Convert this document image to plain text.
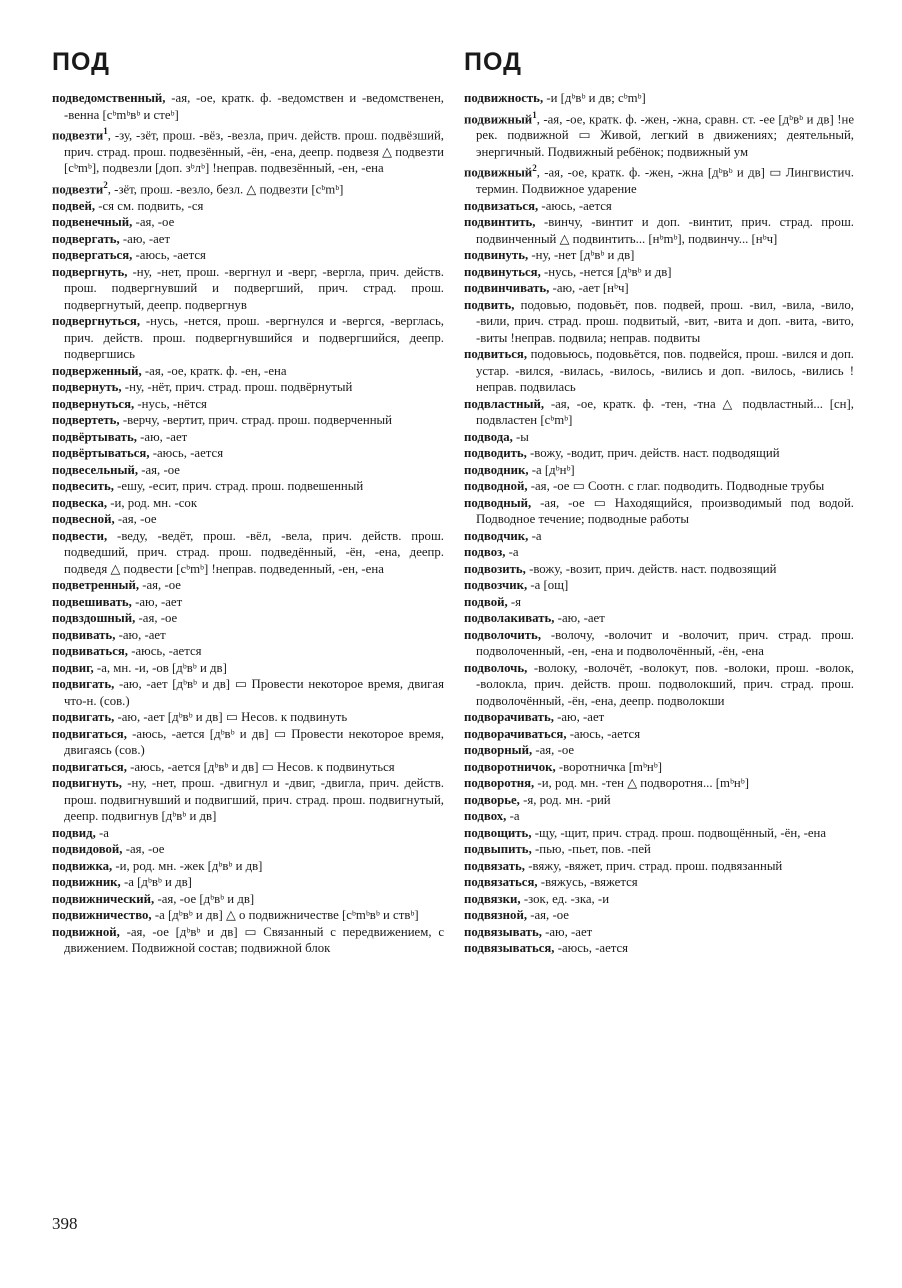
ПОД	ПОД

подведомственный, -ая, -ое, кратк. ф. -ведомствен и -ведомственен, -венна [сᵇmᵇвᵇ и стеᵇ]

подвезти$^1$, -зу, -зёт, прош. -вёз, -везла, прич. действ. прош. подвёзший, прич. страд. прош. подвезённый, -ён, -ена, деепр. подвезя △ подвезти [сᵇmᵇ], подвезли [доп. зᵇлᵇ] !неправ. подвезённый, -ен, -ена

подвезти$^2$, -зёт, прош. -везло, безл. △ подвезти [сᵇmᵇ]

подвей, -ся см. подвить, -ся

подвенечный, -ая, -ое

подвергать, -аю, -ает

подвергаться, -аюсь, -ается

подвергнуть, -ну, -нет, прош. -вергнул и -верг, -вергла, прич. действ. прош. подвергнувший и подвергший, прич. страд. прош. подвергнутый, деепр. подвергнув

подвергнуться, -нусь, -нется, прош. -вергнулся и -вергся, -верглась, прич. действ. прош. подвергнувшийся и подвергшийся, деепр. подвергшись

подверженный, -ая, -ое, кратк. ф. -ен, -ена

подвернуть, -ну, -нёт, прич. страд. прош. подвёрнутый

подвернуться, -нусь, -нётся

подвертеть, -верчу, -вертит, прич. страд. прош. подверченный

подвёртывать, -аю, -ает

подвёртываться, -аюсь, -ается

подвесельный, -ая, -ое

подвесить, -ешу, -есит, прич. страд. прош. подвешенный

подвеска, -и, род. мн. -сок

подвесной, -ая, -ое

подвести, -веду, -ведёт, прош. -вёл, -вела, прич. действ. прош. подведший, прич. страд. прош. подведённый, -ён, -ена, деепр. подведя △ подвести [сᵇmᵇ] !неправ. подведенный, -ен, -ена

подветренный, -ая, -ое

подвешивать, -аю, -ает

подвздошный, -ая, -ое

подвивать, -аю, -ает

подвиваться, -аюсь, -ается

подвиг, -а, мн. -и, -ов [дᵇвᵇ и дв]

подвигать, -аю, -ает [дᵇвᵇ и дв] ▭ Провести некоторое время, двигая что-н. (сов.)

подвигать, -аю, -ает [дᵇвᵇ и дв] ▭ Несов. к подвинуть

подвигаться, -аюсь, -ается [дᵇвᵇ и дв] ▭ Провести некоторое время, двигаясь (сов.)

подвигаться, -аюсь, -ается [дᵇвᵇ и дв] ▭ Несов. к подвинуться

подвигнуть, -ну, -нет, прош. -двигнул и -двиг, -двигла, прич. действ. прош. подвигнувший и подвигший, прич. страд. прош. подвигнутый, деепр. подвигнув [дᵇвᵇ и дв]

подвид, -а

подвидовой, -ая, -ое

подвижка, -и, род. мн. -жек [дᵇвᵇ и дв]

подвижник, -а [дᵇвᵇ и дв]

подвижнический, -ая, -ое [дᵇвᵇ и дв]

подвижничество, -а [дᵇвᵇ и дв] △ о подвижничестве [сᵇmᵇвᵇ и ствᵇ]

подвижной, -ая, -ое [дᵇвᵇ и дв] ▭ Связанный с передвижением, с движением. Подвижной состав; подвижной блок

подвижность, -и [дᵇвᵇ и дв; сᵇmᵇ]

подвижный$^1$, -ая, -ое, кратк. ф. -жен, -жна, сравн. ст. -ее [дᵇвᵇ и дв] !не рек. подвижной ▭ Живой, легкий в движениях; деятельный, энергичный. Подвижный ребёнок; подвижный ум

подвижный$^2$, -ая, -ое, кратк. ф. -жен, -жна [дᵇвᵇ и дв] ▭ Лингвистич. термин. Подвижное ударение

подвизаться, -аюсь, -ается

подвинтить, -винчу, -винтит и доп. -винтит, прич. страд. прош. подвинченный △ подвинтить... [нᵇmᵇ], подвинчу... [нᵇч]

подвинуть, -ну, -нет [дᵇвᵇ и дв]

подвинуться, -нусь, -нется [дᵇвᵇ и дв]

подвинчивать, -аю, -ает [нᵇч]

подвить, подовью, подовьёт, пов. подвей, прош. -вил, -вила, -вило, -вили, прич. страд. прош. подвитый, -вит, -вита и доп. -вита, -вито, -виты !неправ. подвила; неправ. подвиты

подвиться, подовьюсь, подовьётся, пов. подвейся, прош. -вился и доп. устар. -вился, -вилась, -вилось, -вились и доп. -вилось, -вились !неправ. подвилась

подвластный, -ая, -ое, кратк. ф. -тен, -тна △ подвластный... [сн], подвластен [сᵇmᵇ]

подвода, -ы

подводить, -вожу, -водит, прич. действ. наст. подводящий

подводник, -а [дᵇнᵇ]

подводной, -ая, -ое ▭ Соотн. с глаг. подводить. Подводные трубы

подводный, -ая, -ое ▭ Находящийся, производимый под водой. Подводное течение; подводные работы

подводчик, -а

подвоз, -а

подвозить, -вожу, -возит, прич. действ. наст. подвозящий

подвозчик, -а [ощ]

подвой, -я

подволакивать, -аю, -ает

подволочить, -волочу, -волочит и -волочит, прич. страд. прош. подволоченный, -ен, -ена и подволочённый, -ён, -ена

подволочь, -волоку, -волочёт, -волокут, пов. -волоки, прош. -волок, -волокла, прич. действ. прош. подволокший, прич. страд. прош. подволочённый, -ён, -ена, деепр. подволокши

подворачивать, -аю, -ает

подворачиваться, -аюсь, -ается

подворный, -ая, -ое

подворотничок, -воротничка [mᵇнᵇ]

подворотня, -и, род. мн. -тен △ подворотня... [mᵇнᵇ]

подворье, -я, род. мн. -рий

подвох, -а

подвощить, -щу, -щит, прич. страд. прош. подвощённый, -ён, -ена

подвыпить, -пью, -пьет, пов. -пей

подвязать, -вяжу, -вяжет, прич. страд. прош. подвязанный

подвязаться, -вяжусь, -вяжется

подвязки, -зок, ед. -зка, -и

подвязной, -ая, -ое

подвязывать, -аю, -ает

подвязываться, -аюсь, -ается

398
